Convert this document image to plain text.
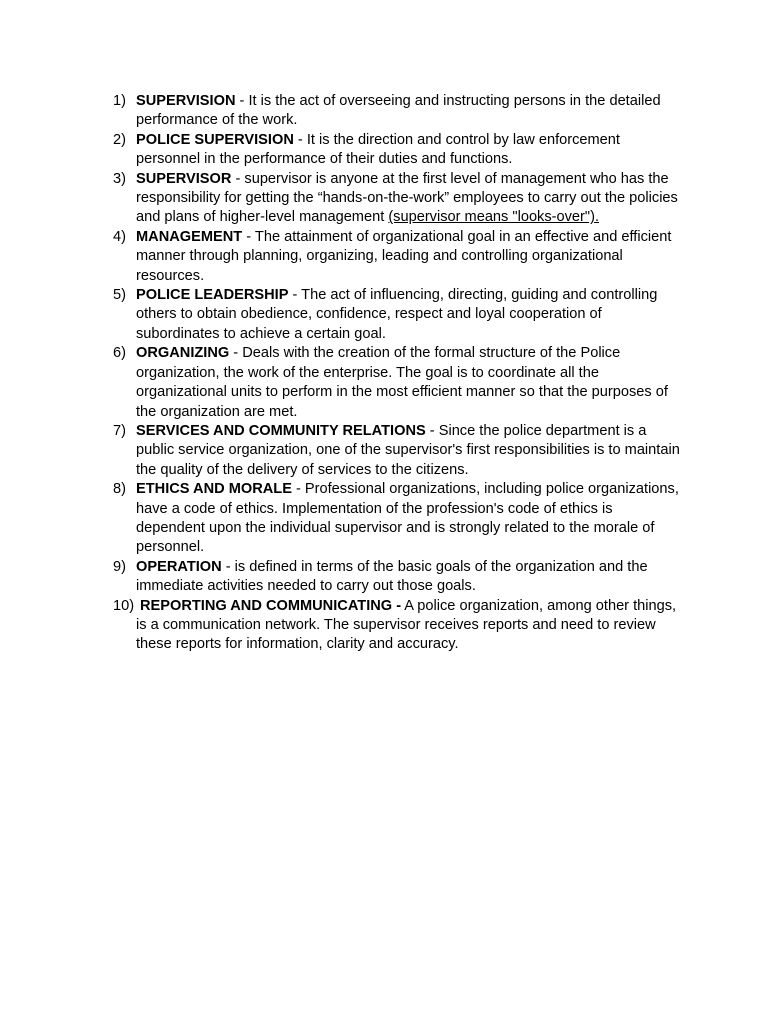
1) SUPERVISION - It is the act of overseeing and instructing persons in the detailed performance of the work.
2) POLICE SUPERVISION - It is the direction and control by law enforcement personnel in the performance of their duties and functions.
3) SUPERVISOR - supervisor is anyone at the first level of management who has the responsibility for getting the “hands-on-the-work” employees to carry out the policies and plans of higher-level management (supervisor means "looks-over").
4) MANAGEMENT - The attainment of organizational goal in an effective and efficient manner through planning, organizing, leading and controlling organizational resources.
5) POLICE LEADERSHIP - The act of influencing, directing, guiding and controlling others to obtain obedience, confidence, respect and loyal cooperation of subordinates to achieve a certain goal.
6) ORGANIZING - Deals with the creation of the formal structure of the Police organization, the work of the enterprise. The goal is to coordinate all the organizational units to perform in the most efficient manner so that the purposes of the organization are met.
7) SERVICES AND COMMUNITY RELATIONS - Since the police department is a public service organization, one of the supervisor's first responsibilities is to maintain the quality of the delivery of services to the citizens.
8) ETHICS AND MORALE - Professional organizations, including police organizations, have a code of ethics. Implementation of the profession's code of ethics is dependent upon the individual supervisor and is strongly related to the morale of personnel.
9) OPERATION - is defined in terms of the basic goals of the organization and the immediate activities needed to carry out those goals.
10) REPORTING AND COMMUNICATING - A police organization, among other things, is a communication network. The supervisor receives reports and need to review these reports for information, clarity and accuracy.
